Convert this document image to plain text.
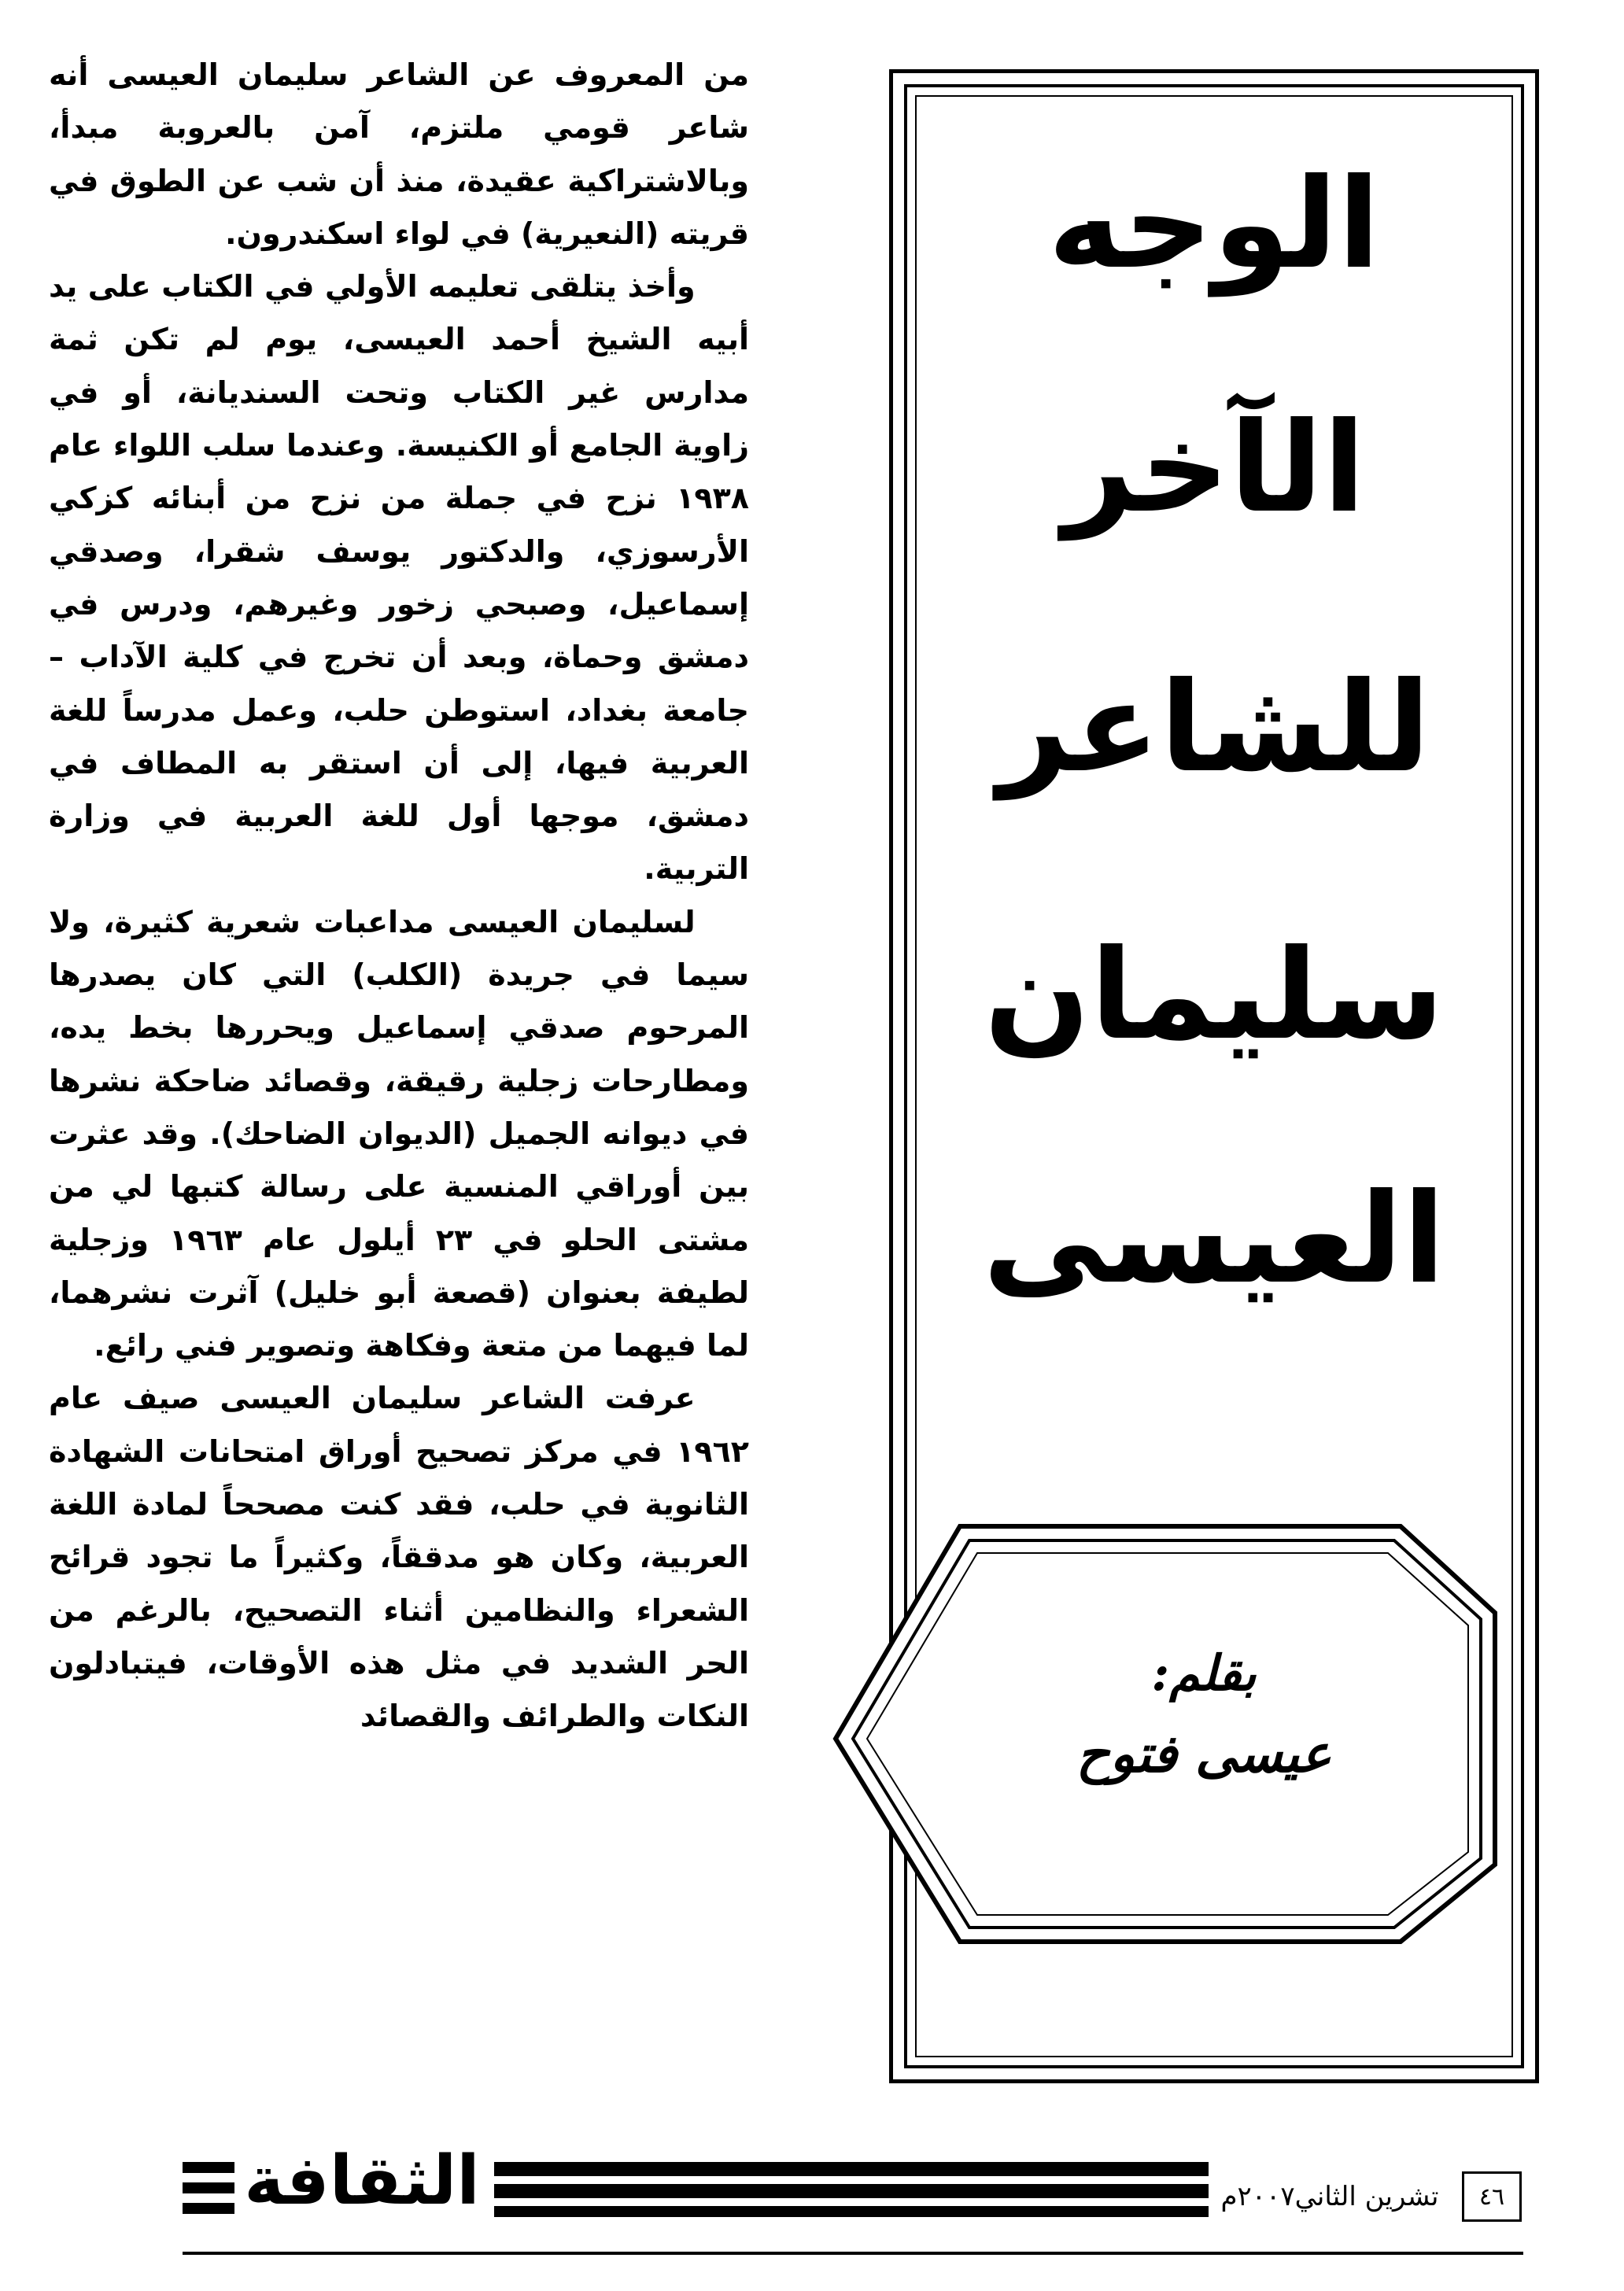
من المعروف عن الشاعر سليمان العيسى أنه شاعر قومي ملتزم، آمن بالعروبة مبدأ، وبالاشتراكية عقيدة، منذ أن شب عن الطوق في قريته (النعيرية) في لواء اسكندرون.

وأخذ يتلقى تعليمه الأولي في الكتاب على يد أبيه الشيخ أحمد العيسى، يوم لم تكن ثمة مدارس غير الكتاب وتحت السنديانة، أو في زاوية الجامع أو الكنيسة. وعندما سلب اللواء عام ١٩٣٨ نزح في جملة من نزح من أبنائه كزكي الأرسوزي، والدكتور يوسف شقرا، وصدقي إسماعيل، وصبحي زخور وغيرهم، ودرس في دمشق وحماة، وبعد أن تخرج في كلية الآداب – جامعة بغداد، استوطن حلب، وعمل مدرساً للغة العربية فيها، إلى أن استقر به المطاف في دمشق، موجها أول للغة العربية في وزارة التربية.

لسليمان العيسى مداعبات شعرية كثيرة، ولا سيما في جريدة (الكلب) التي كان يصدرها المرحوم صدقي إسماعيل ويحررها بخط يده، ومطارحات زجلية رقيقة، وقصائد ضاحكة نشرها في ديوانه الجميل (الديوان الضاحك). وقد عثرت بين أوراقي المنسية على رسالة كتبها لي من مشتى الحلو في ٢٣ أيلول عام ١٩٦٣ وزجلية لطيفة بعنوان (قصعة أبو خليل) آثرت نشرهما، لما فيهما من متعة وفكاهة وتصوير فني رائع.

عرفت الشاعر سليمان العيسى صيف عام ١٩٦٢ في مركز تصحيح أوراق امتحانات الشهادة الثانوية في حلب، فقد كنت مصححاً لمادة اللغة العربية، وكان هو مدققاً، وكثيراً ما تجود قرائح الشعراء والنظامين أثناء التصحيح، بالرغم من الحر الشديد في مثل هذه الأوقات، فيتبادلون النكات والطرائف والقصائد

الوجه
الآخر
للشاعر
سليمان
العيسى
بقلم:
عيسى فتوح
الثقافة	تشرين الثاني٢٠٠٧م	٤٦
